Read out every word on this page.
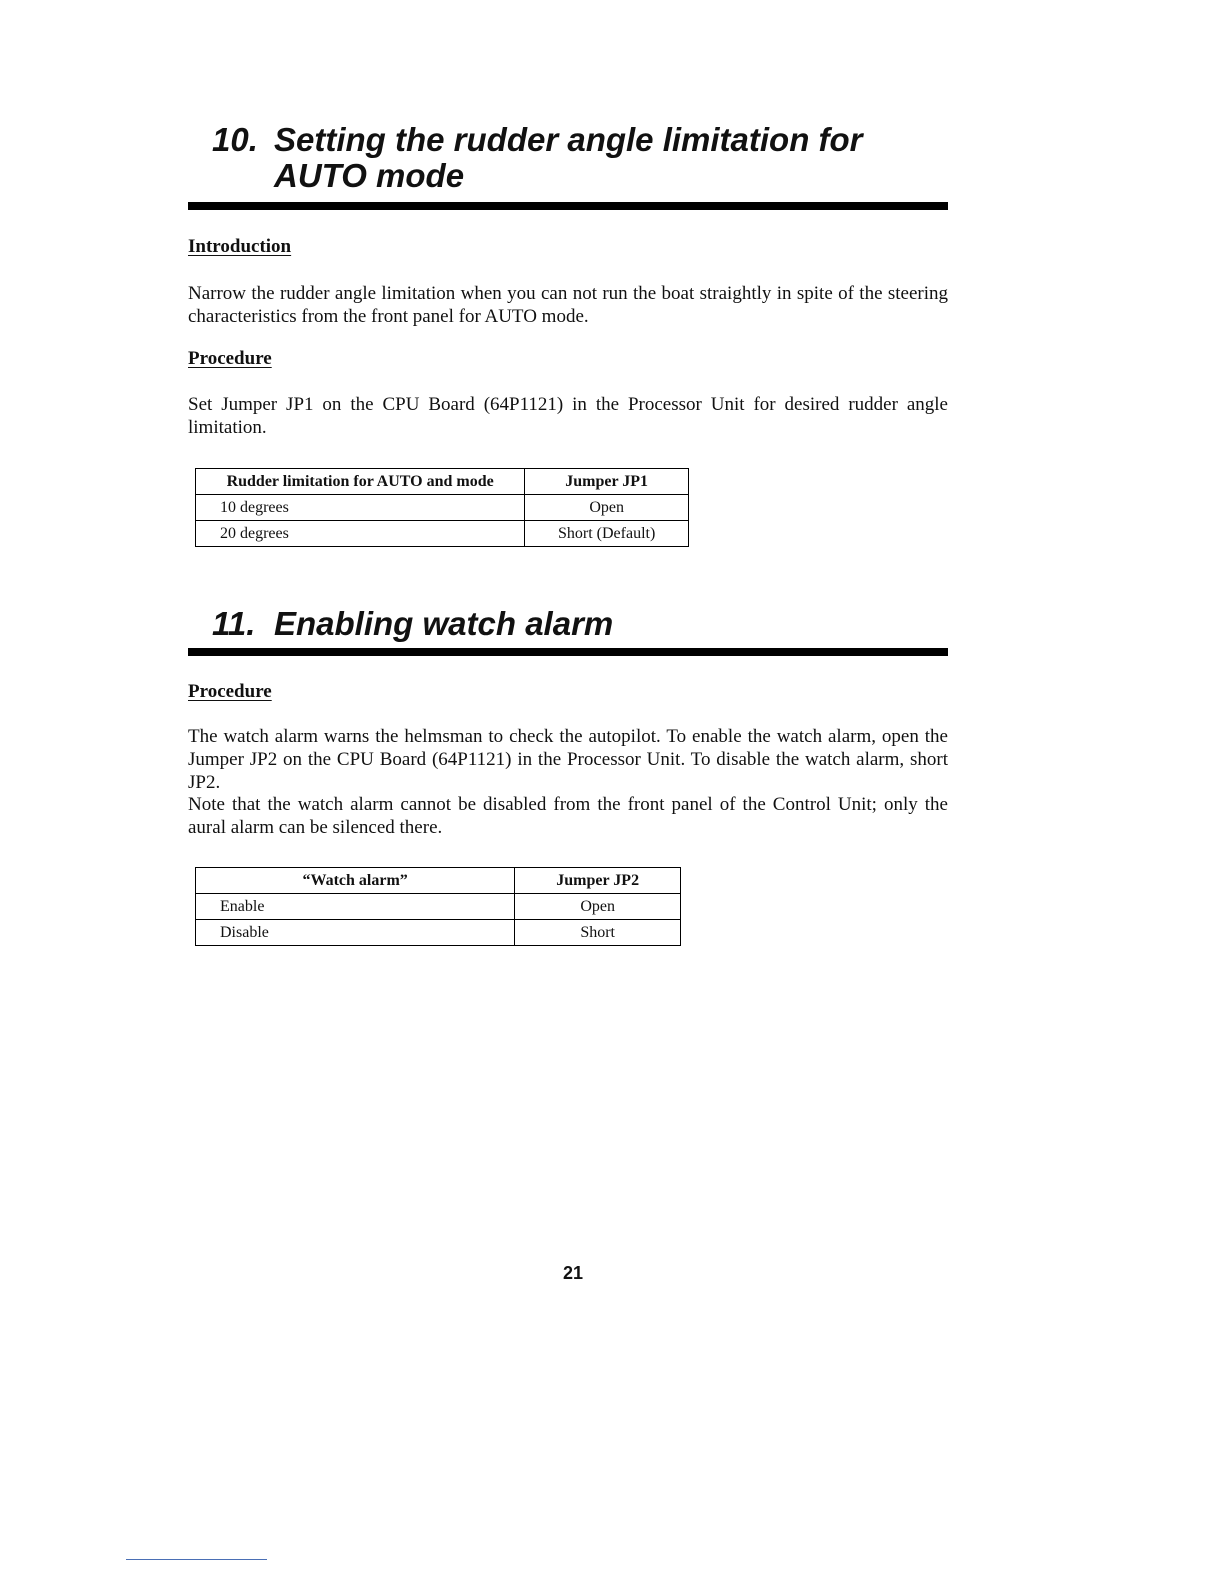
10. Setting the rudder angle limitation for
AUTO mode

Introduction

Narrow the rudder angle limitation when you can not run the boat straightly in spite of the steering characteristics from the front panel for AUTO mode.

Procedure

Set Jumper JP1 on the CPU Board (64P1121) in the Processor Unit for desired rudder angle limitation.

Rudder limitation for AUTO and mode	Jumper JP1
10 degrees	Open
20 degrees	Short (Default)
11. Enabling watch alarm

Procedure

The watch alarm warns the helmsman to check the autopilot. To enable the watch alarm, open the Jumper JP2 on the CPU Board (64P1121) in the Processor Unit. To disable the watch alarm, short JP2.

Note that the watch alarm cannot be disabled from the front panel of the Control Unit; only the aural alarm can be silenced there.

“Watch alarm”	Jumper JP2
Enable	Open
Disable	Short
21
